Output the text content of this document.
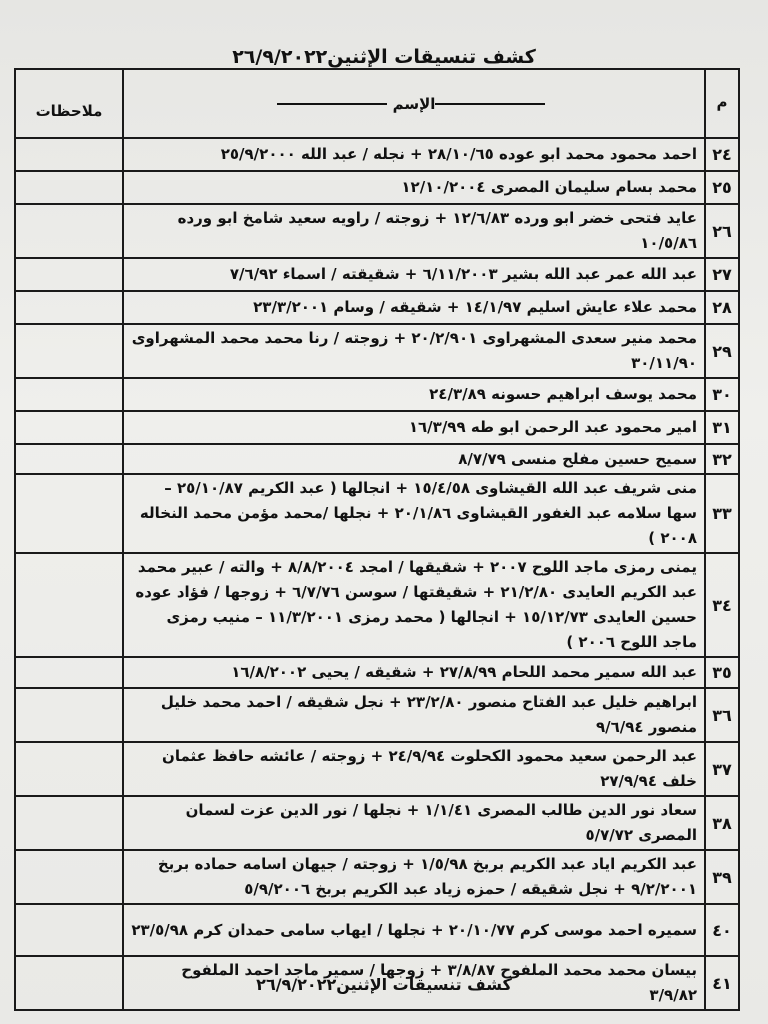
كشف تنسيقات الإثنين٢٦/٩/٢٠٢٢
م	الإسم	ملاحظات
٢٤	احمد محمود محمد ابو عوده ٢٨/١٠/٦٥ + نجله / عبد الله ٢٥/٩/٢٠٠٠	
٢٥	محمد بسام سليمان المصرى ١٢/١٠/٢٠٠٤	
٢٦	عايد فتحى خضر ابو ورده ١٢/٦/٨٣ + زوجته / راويه سعيد شامخ ابو ورده ١٠/٥/٨٦	
٢٧	عبد الله عمر عبد الله بشير ٦/١١/٢٠٠٣ + شقيقته / اسماء ٧/٦/٩٢	
٢٨	محمد علاء عايش اسليم ١٤/١/٩٧ + شقيقه / وسام ٢٣/٣/٢٠٠١	
٢٩	محمد منير سعدى المشهراوى ٢٠/٢/٩٠١ + زوجته / رنا محمد محمد المشهراوى ٣٠/١١/٩٠	
٣٠	محمد يوسف ابراهيم حسونه ٢٤/٣/٨٩	
٣١	امير محمود عبد الرحمن ابو طه ١٦/٣/٩٩	
٣٢	سميح حسين مفلح منسى ٨/٧/٧٩	
٣٣	منى شريف عبد الله القيشاوى ١٥/٤/٥٨ + انجالها ( عبد الكريم ٢٥/١٠/٨٧ – سها سلامه عبد الغفور القيشاوى ٢٠/١/٨٦ + نجلها /محمد مؤمن محمد النخاله ٢٠٠٨ )	
٣٤	يمنى رمزى ماجد اللوح ٢٠٠٧ + شقيقها / امجد ٨/٨/٢٠٠٤ + والته / عبير محمد عبد الكريم العايدى ٢١/٢/٨٠ + شقيقتها / سوسن ٦/٧/٧٦ + زوجها / فؤاد عوده حسين العايدى ١٥/١٢/٧٣ + انجالها ( محمد رمزى ١١/٣/٢٠٠١ – منيب رمزى ماجد اللوح ٢٠٠٦ )	
٣٥	عبد الله سمير محمد اللحام ٢٧/٨/٩٩ + شقيقه / يحيى ١٦/٨/٢٠٠٢	
٣٦	ابراهيم خليل عبد الفتاح منصور ٢٣/٢/٨٠ + نجل شقيقه / احمد محمد خليل منصور ٩/٦/٩٤	
٣٧	عبد الرحمن سعيد محمود الكحلوت ٢٤/٩/٩٤ + زوجته / عائشه حافظ عثمان خلف ٢٧/٩/٩٤	
٣٨	سعاد نور الدين طالب المصرى ١/١/٤١ + نجلها / نور الدين عزت لسمان المصرى ٥/٧/٧٢	
٣٩	عبد الكريم اياد عبد الكريم بربخ ١/٥/٩٨ + زوجته / جيهان اسامه حماده بربخ ٩/٢/٢٠٠١ + نجل شقيقه / حمزه زياد عبد الكريم بربخ ٥/٩/٢٠٠٦	
٤٠	سميره احمد موسى كرم ٢٠/١٠/٧٧ + نجلها / ايهاب سامى حمدان كرم ٢٣/٥/٩٨	
٤١	بيسان محمد محمد الملفوح ٣/٨/٨٧ + زوجها / سمير ماجد احمد الملفوح ٣/٩/٨٢	
كشف تنسيقات الإثنين٢٦/٩/٢٠٢٢
